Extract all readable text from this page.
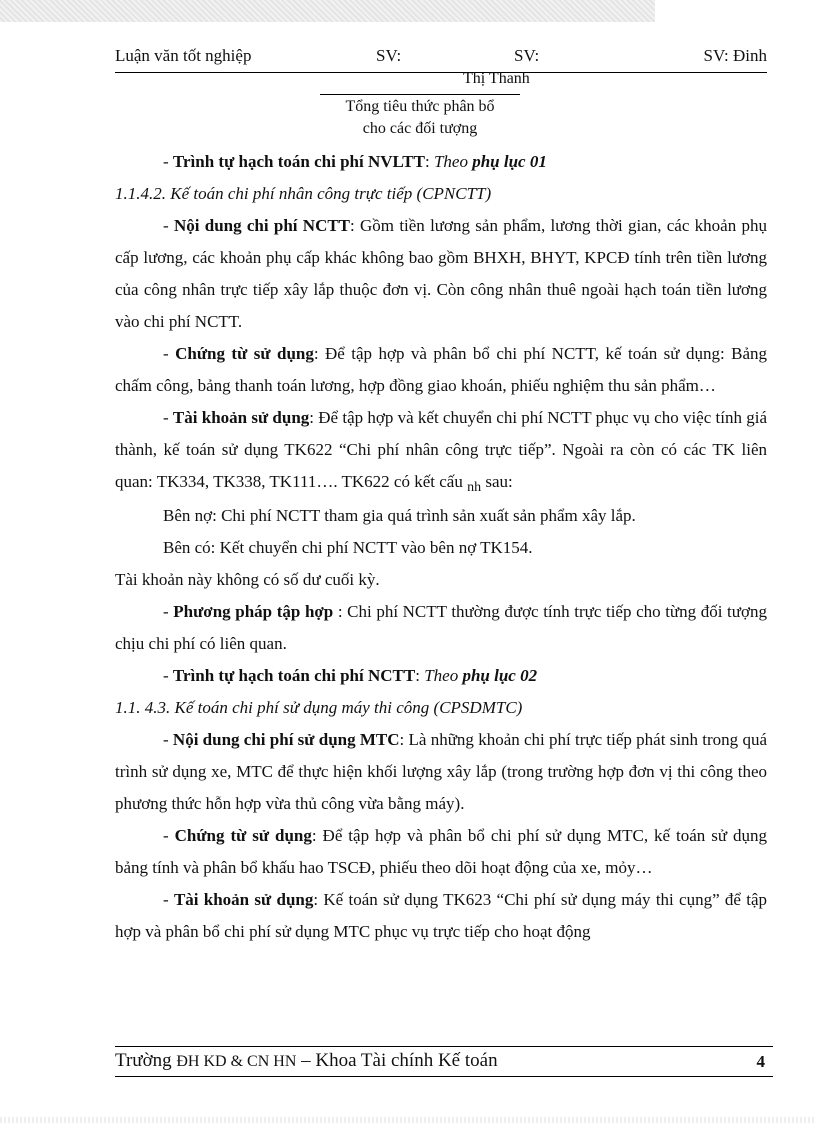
Luận văn tốt nghiệp	SV:	SV:	SV: Đinh
Thị Thanh
Tổng tiêu thức phân bổ
cho các đối tượng

- Trình tự hạch toán chi phí NVLTT: Theo phụ lục 01

1.1.4.2. Kế toán chi phí nhân công trực tiếp (CPNCTT)

- Nội dung chi phí NCTT: Gồm tiền lương sản phẩm, lương thời gian, các khoản phụ cấp lương, các khoản phụ cấp khác không bao gồm BHXH, BHYT, KPCĐ tính trên tiền lương của công nhân trực tiếp xây lắp thuộc đơn vị. Còn công nhân thuê ngoài hạch toán tiền lương vào chi phí NCTT.

- Chứng từ sử dụng: Để tập hợp và phân bổ chi phí NCTT, kế toán sử dụng: Bảng chấm công, bảng thanh toán lương, hợp đồng giao khoán, phiếu nghiệm thu sản phẩm…

- Tài khoản sử dụng: Để tập hợp và kết chuyển chi phí NCTT phục vụ cho việc tính giá thành, kế toán sử dụng TK622 “Chi phí nhân công trực tiếp”. Ngoài ra còn có các TK liên quan: TK334, TK338, TK111…. TK622 có kết cấu $_{nh}$ sau:

Bên nợ: Chi phí NCTT tham gia quá trình sản xuất sản phẩm xây lắp.

Bên có: Kết chuyển chi phí NCTT vào bên nợ TK154.

Tài khoản này không có số dư cuối kỳ.

- Phương pháp tập hợp : Chi phí NCTT thường được tính trực tiếp cho từng đối tượng chịu chi phí có liên quan.

- Trình tự hạch toán chi phí NCTT: Theo phụ lục 02

1.1. 4.3. Kế toán chi phí sử dụng máy thi công (CPSDMTC)

- Nội dung chi phí sử dụng MTC: Là những khoản chi phí trực tiếp phát sinh trong quá trình sử dụng xe, MTC để thực hiện khối lượng xây lắp (trong trường hợp đơn vị thi công theo phương thức hỗn hợp vừa thủ công vừa bằng máy).

- Chứng từ sử dụng: Để tập hợp và phân bổ chi phí sử dụng MTC, kế toán sử dụng bảng tính và phân bổ khấu hao TSCĐ, phiếu theo dõi hoạt động của xe, mỏy…

- Tài khoản sử dụng: Kế toán sử dụng TK623 “Chi phí sử dụng máy thi cụng” để tập hợp và phân bổ chi phí sử dụng MTC phục vụ trực tiếp cho hoạt động

Trường ĐH KD & CN HN – Khoa Tài chính Kế toán	4
